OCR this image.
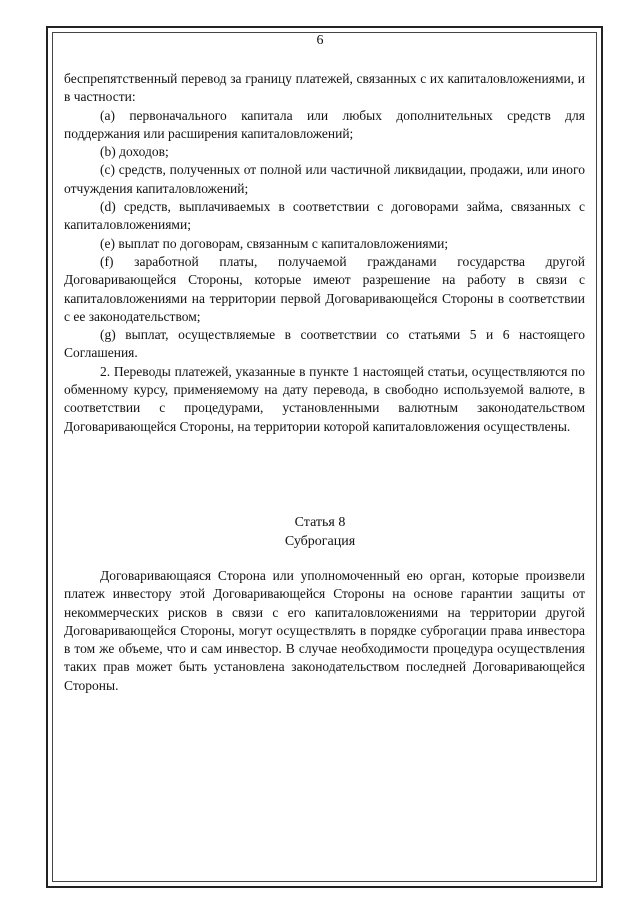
6

беспрепятственный перевод за границу платежей, связанных с их капиталовложениями, и в частности:

(а) первоначального капитала или любых дополнительных средств для поддержания или расширения капиталовложений;

(b) доходов;

(с) средств, полученных от полной или частичной ликвидации, продажи, или иного отчуждения капиталовложений;

(d) средств, выплачиваемых в соответствии с договорами займа, связанных с капиталовложениями;

(е) выплат по договорам, связанным с капиталовложениями;

(f) заработной платы, получаемой гражданами государства другой Договаривающейся Стороны, которые имеют разрешение на работу в связи с капиталовложениями на территории первой Договаривающейся Стороны в соответствии с ее законодательством;

(g) выплат, осуществляемые в соответствии со статьями 5 и 6 настоящего Соглашения.

2. Переводы платежей, указанные в пункте 1 настоящей статьи, осуществляются по обменному курсу, применяемому на дату перевода, в свободно используемой валюте, в соответствии с процедурами, установленными валютным законодательством Договаривающейся Стороны, на территории которой капиталовложения осуществлены.

Статья 8
Суброгация

Договаривающаяся Сторона или уполномоченный ею орган, которые произвели платеж инвестору этой Договаривающейся Стороны на основе гарантии защиты от некоммерческих рисков в связи с его капиталовложениями на территории другой Договаривающейся Стороны, могут осуществлять в порядке суброгации права инвестора в том же объеме, что и сам инвестор. В случае необходимости процедура осуществления таких прав может быть установлена законодательством последней Договаривающейся Стороны.
